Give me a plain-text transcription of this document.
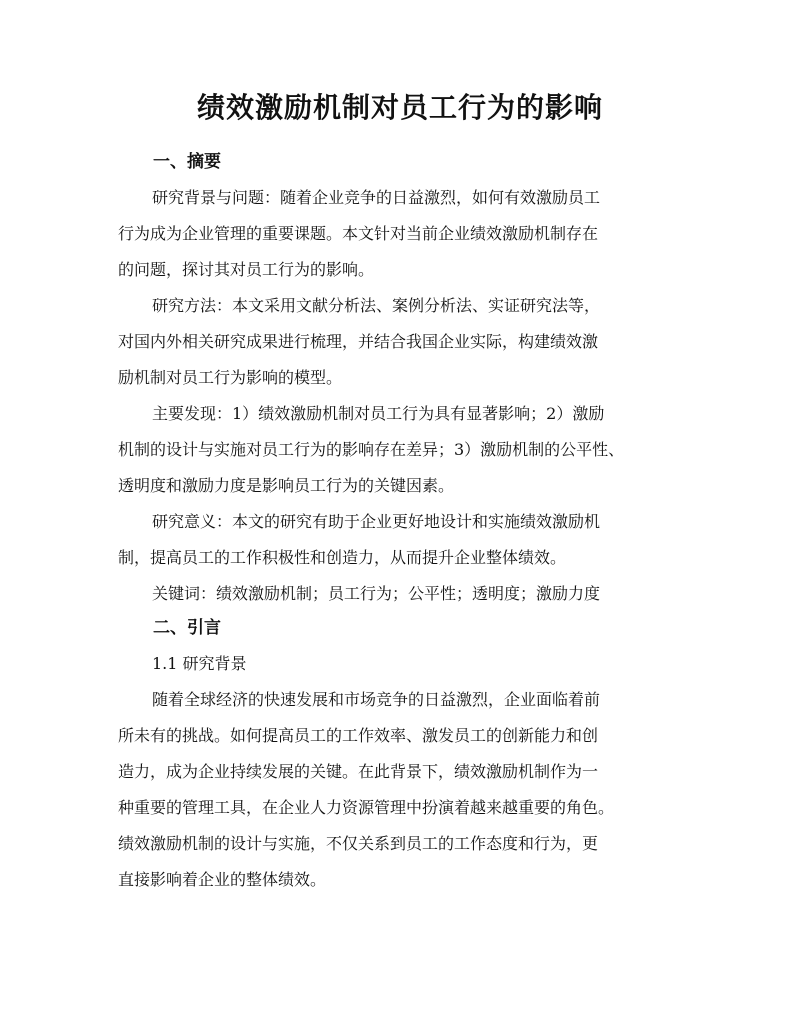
绩效激励机制对员工行为的影响
一、摘要
研究背景与问题：随着企业竞争的日益激烈，如何有效激励员工
行为成为企业管理的重要课题。本文针对当前企业绩效激励机制存在
的问题，探讨其对员工行为的影响。
研究方法：本文采用文献分析法、案例分析法、实证研究法等，
对国内外相关研究成果进行梳理，并结合我国企业实际，构建绩效激
励机制对员工行为影响的模型。
主要发现：1）绩效激励机制对员工行为具有显著影响；2）激励
机制的设计与实施对员工行为的影响存在差异；3）激励机制的公平性、
透明度和激励力度是影响员工行为的关键因素。
研究意义：本文的研究有助于企业更好地设计和实施绩效激励机
制，提高员工的工作积极性和创造力，从而提升企业整体绩效。
关键词：绩效激励机制；员工行为；公平性；透明度；激励力度
二、引言
1.1 研究背景
随着全球经济的快速发展和市场竞争的日益激烈，企业面临着前
所未有的挑战。如何提高员工的工作效率、激发员工的创新能力和创
造力，成为企业持续发展的关键。在此背景下，绩效激励机制作为一
种重要的管理工具，在企业人力资源管理中扮演着越来越重要的角色。
绩效激励机制的设计与实施，不仅关系到员工的工作态度和行为，更
直接影响着企业的整体绩效。
